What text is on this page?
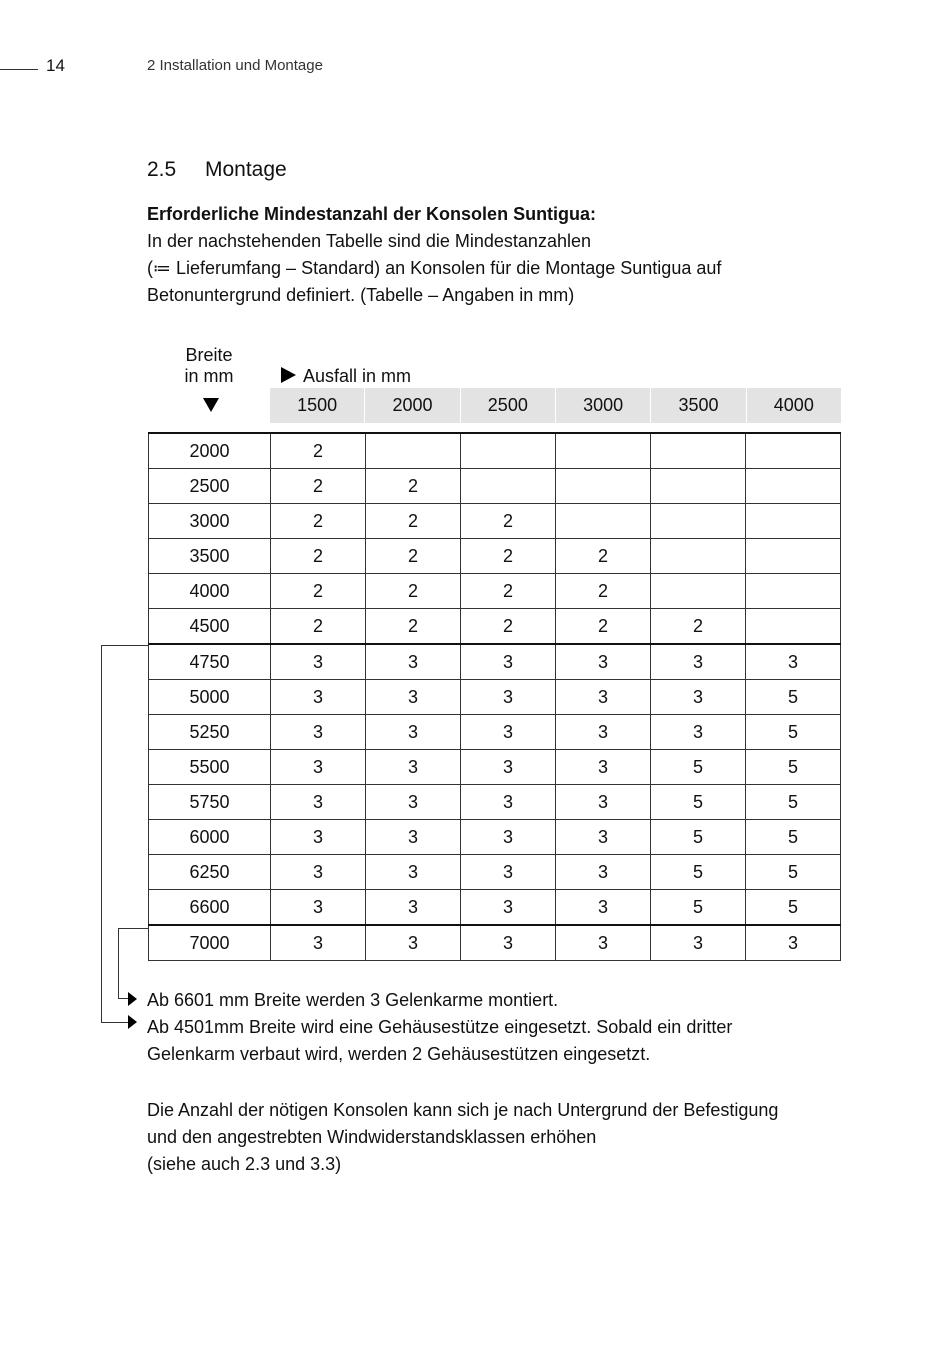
14	2 Installation und Montage
2.5 Montage
Erforderliche Mindestanzahl der Konsolen Suntigua:
In der nachstehenden Tabelle sind die Mindestanzahlen
(≔ Lieferumfang – Standard) an Konsolen für die Montage Suntigua auf
Betonuntergrund definiert. (Tabelle – Angaben in mm)
Breite
in mm	Ausfall in mm
1500	2000	2500	3000	3500	4000
2000	2					
2500	2	2				
3000	2	2	2			
3500	2	2	2	2		
4000	2	2	2	2		
4500	2	2	2	2	2	
4750	3	3	3	3	3	3
5000	3	3	3	3	3	5
5250	3	3	3	3	3	5
5500	3	3	3	3	5	5
5750	3	3	3	3	5	5
6000	3	3	3	3	5	5
6250	3	3	3	3	5	5
6600	3	3	3	3	5	5
7000	3	3	3	3	3	3
Ab 6601 mm Breite werden 3 Gelenkarme montiert.
Ab 4501mm Breite wird eine Gehäusestütze eingesetzt. Sobald ein dritter
Gelenkarm verbaut wird, werden 2 Gehäusestützen eingesetzt.
Die Anzahl der nötigen Konsolen kann sich je nach Untergrund der Befestigung
und den angestrebten Windwiderstandsklassen erhöhen
(siehe auch 2.3 und 3.3)
